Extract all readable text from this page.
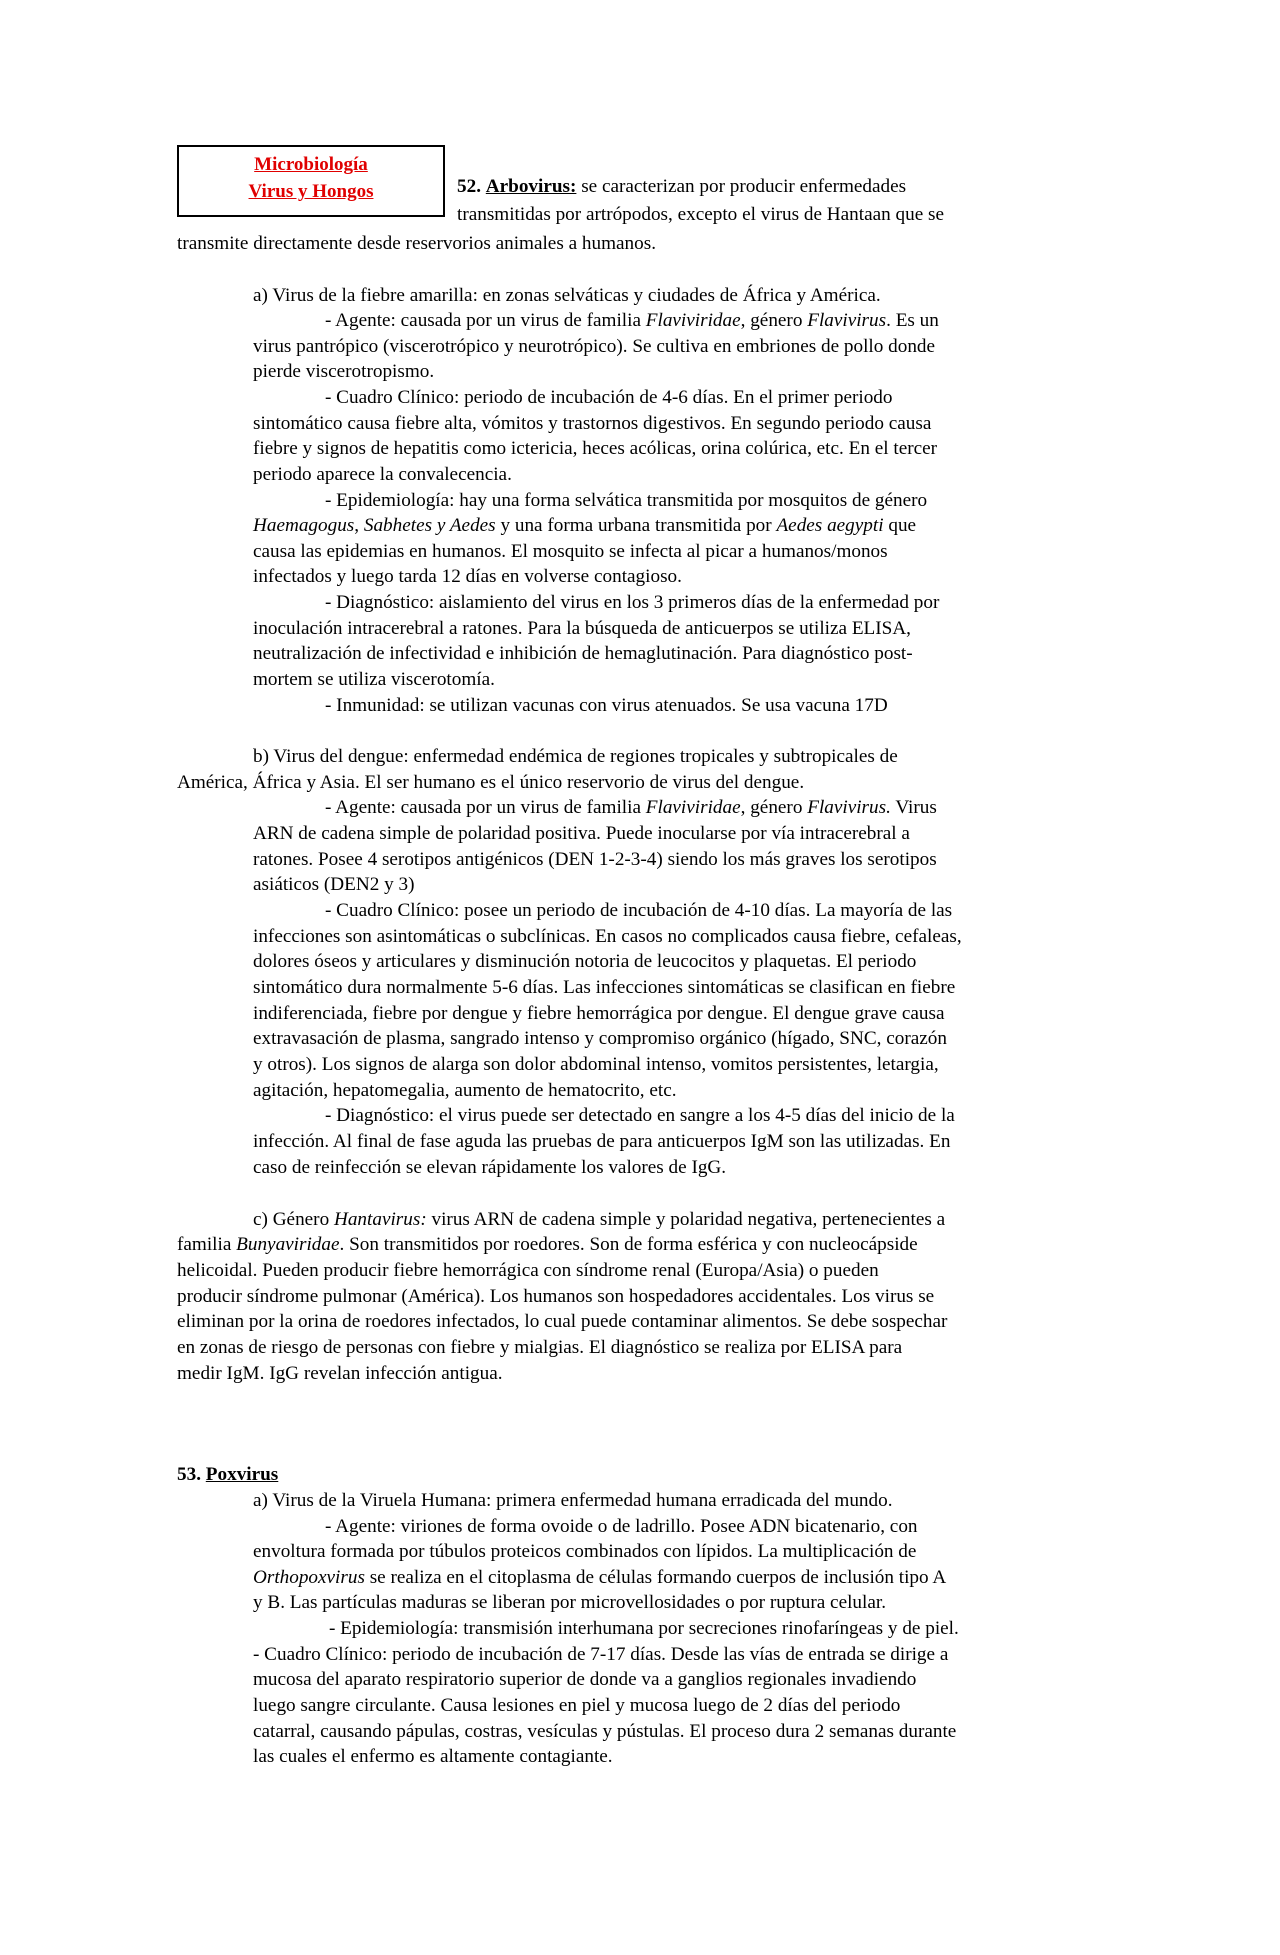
Microbiología
Virus y Hongos	52. Arbovirus: se caracterizan por producir enfermedades
transmitidas por artrópodos, excepto el virus de Hantaan que se
transmite directamente desde reservorios animales a humanos.
a) Virus de la fiebre amarilla: en zonas selváticas y ciudades de África y América.
- Agente: causada por un virus de familia Flaviviridae, género Flavivirus. Es un
virus pantrópico (viscerotrópico y neurotrópico). Se cultiva en embriones de pollo donde
pierde viscerotropismo.
- Cuadro Clínico: periodo de incubación de 4-6 días. En el primer periodo
sintomático causa fiebre alta, vómitos y trastornos digestivos. En segundo periodo causa
fiebre y signos de hepatitis como ictericia, heces acólicas, orina colúrica, etc. En el tercer
periodo aparece la convalecencia.
- Epidemiología: hay una forma selvática transmitida por mosquitos de género
Haemagogus, Sabhetes y Aedes y una forma urbana transmitida por Aedes aegypti que
causa las epidemias en humanos. El mosquito se infecta al picar a humanos/monos
infectados y luego tarda 12 días en volverse contagioso.
- Diagnóstico: aislamiento del virus en los 3 primeros días de la enfermedad por
inoculación intracerebral a ratones. Para la búsqueda de anticuerpos se utiliza ELISA,
neutralización de infectividad e inhibición de hemaglutinación. Para diagnóstico post-
mortem se utiliza viscerotomía.
- Inmunidad: se utilizan vacunas con virus atenuados. Se usa vacuna 17D
b) Virus del dengue: enfermedad endémica de regiones tropicales y subtropicales de
América, África y Asia. El ser humano es el único reservorio de virus del dengue.
- Agente: causada por un virus de familia Flaviviridae, género Flavivirus. Virus
ARN de cadena simple de polaridad positiva. Puede inocularse por vía intracerebral a
ratones. Posee 4 serotipos antigénicos (DEN 1-2-3-4) siendo los más graves los serotipos
asiáticos (DEN2 y 3)
- Cuadro Clínico: posee un periodo de incubación de 4-10 días. La mayoría de las
infecciones son asintomáticas o subclínicas. En casos no complicados causa fiebre, cefaleas,
dolores óseos y articulares y disminución notoria de leucocitos y plaquetas. El periodo
sintomático dura normalmente 5-6 días. Las infecciones sintomáticas se clasifican en fiebre
indiferenciada, fiebre por dengue y fiebre hemorrágica por dengue. El dengue grave causa
extravasación de plasma, sangrado intenso y compromiso orgánico (hígado, SNC, corazón
y otros). Los signos de alarga son dolor abdominal intenso, vomitos persistentes, letargia,
agitación, hepatomegalia, aumento de hematocrito, etc.
- Diagnóstico: el virus puede ser detectado en sangre a los 4-5 días del inicio de la
infección. Al final de fase aguda las pruebas de para anticuerpos IgM son las utilizadas. En
caso de reinfección se elevan rápidamente los valores de IgG.
c) Género Hantavirus: virus ARN de cadena simple y polaridad negativa, pertenecientes a
familia Bunyaviridae. Son transmitidos por roedores. Son de forma esférica y con nucleocápside
helicoidal. Pueden producir fiebre hemorrágica con síndrome renal (Europa/Asia) o pueden
producir síndrome pulmonar (América). Los humanos son hospedadores accidentales. Los virus se
eliminan por la orina de roedores infectados, lo cual puede contaminar alimentos. Se debe sospechar
en zonas de riesgo de personas con fiebre y mialgias. El diagnóstico se realiza por ELISA para
medir IgM. IgG revelan infección antigua.
53. Poxvirus
a) Virus de la Viruela Humana: primera enfermedad humana erradicada del mundo.
- Agente: viriones de forma ovoide o de ladrillo. Posee ADN bicatenario, con
envoltura formada por túbulos proteicos combinados con lípidos. La multiplicación de
Orthopoxvirus se realiza en el citoplasma de células formando cuerpos de inclusión tipo A
y B. Las partículas maduras se liberan por microvellosidades o por ruptura celular.
- Epidemiología: transmisión interhumana por secreciones rinofaríngeas y de piel.
- Cuadro Clínico: periodo de incubación de 7-17 días. Desde las vías de entrada se dirige a
mucosa del aparato respiratorio superior de donde va a ganglios regionales invadiendo
luego sangre circulante. Causa lesiones en piel y mucosa luego de 2 días del periodo
catarral, causando pápulas, costras, vesículas y pústulas. El proceso dura 2 semanas durante
las cuales el enfermo es altamente contagiante.
